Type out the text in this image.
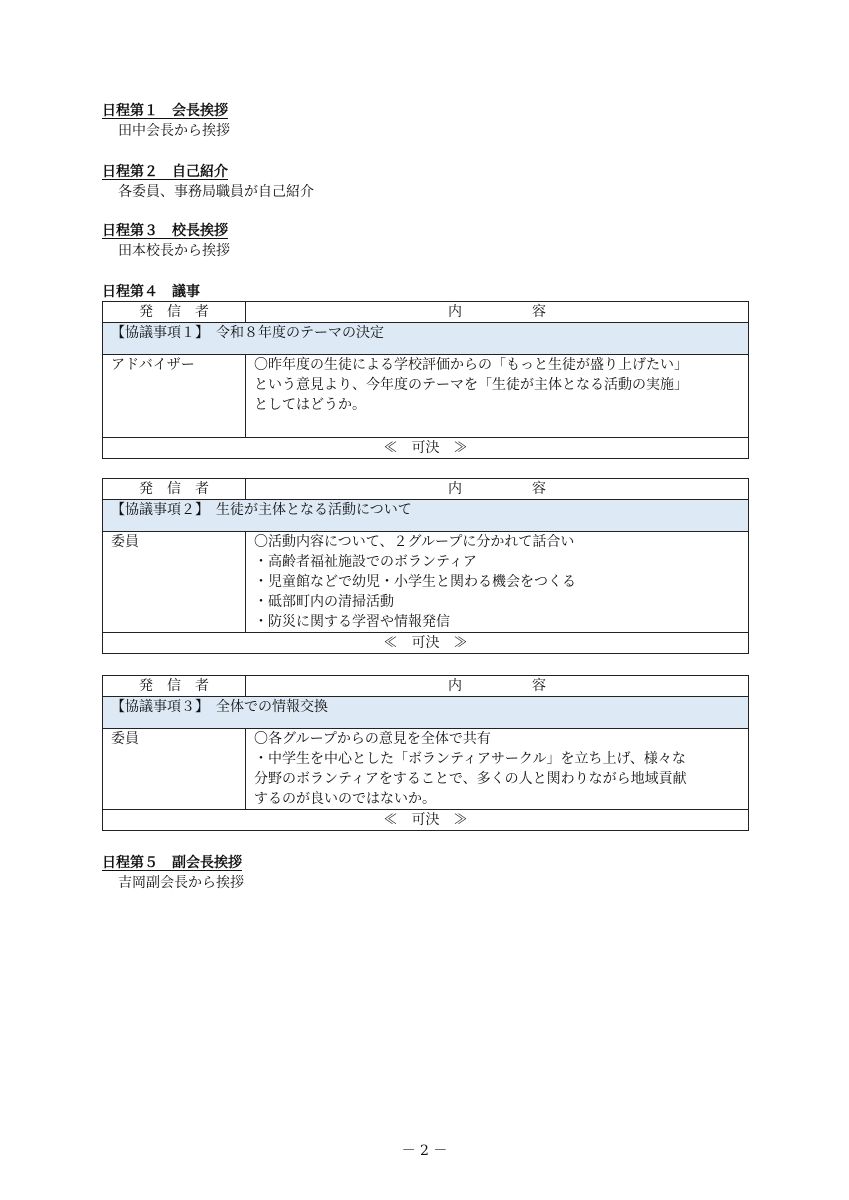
日程第１　会長挨拶
田中会長から挨拶
日程第２　自己紹介
各委員、事務局職員が自己紹介
日程第３　校長挨拶
田本校長から挨拶
日程第４　議事
発　信　者	内　　　　　容
【協議事項１】　令和８年度のテーマの決定	
アドバイザー	〇昨年度の生徒による学校評価からの「もっと生徒が盛り上げたい」
という意見より、今年度のテーマを「生徒が主体となる活動の実施」
としてはどうか。

≪　可決　≫	
発　信　者	内　　　　　容
【協議事項２】　生徒が主体となる活動について	
委員	〇活動内容について、２グループに分かれて話合い
・高齢者福祉施設でのボランティア
・児童館などで幼児・小学生と関わる機会をつくる
・砥部町内の清掃活動
・防災に関する学習や情報発信

≪　可決　≫	
発　信　者	内　　　　　容
【協議事項３】　全体での情報交換	
委員	〇各グループからの意見を全体で共有
・中学生を中心とした「ボランティアサークル」を立ち上げ、様々な
分野のボランティアをすることで、多くの人と関わりながら地域貢献
するのが良いのではないか。

≪　可決　≫	
日程第５　副会長挨拶
吉岡副会長から挨拶
－ 2 －
